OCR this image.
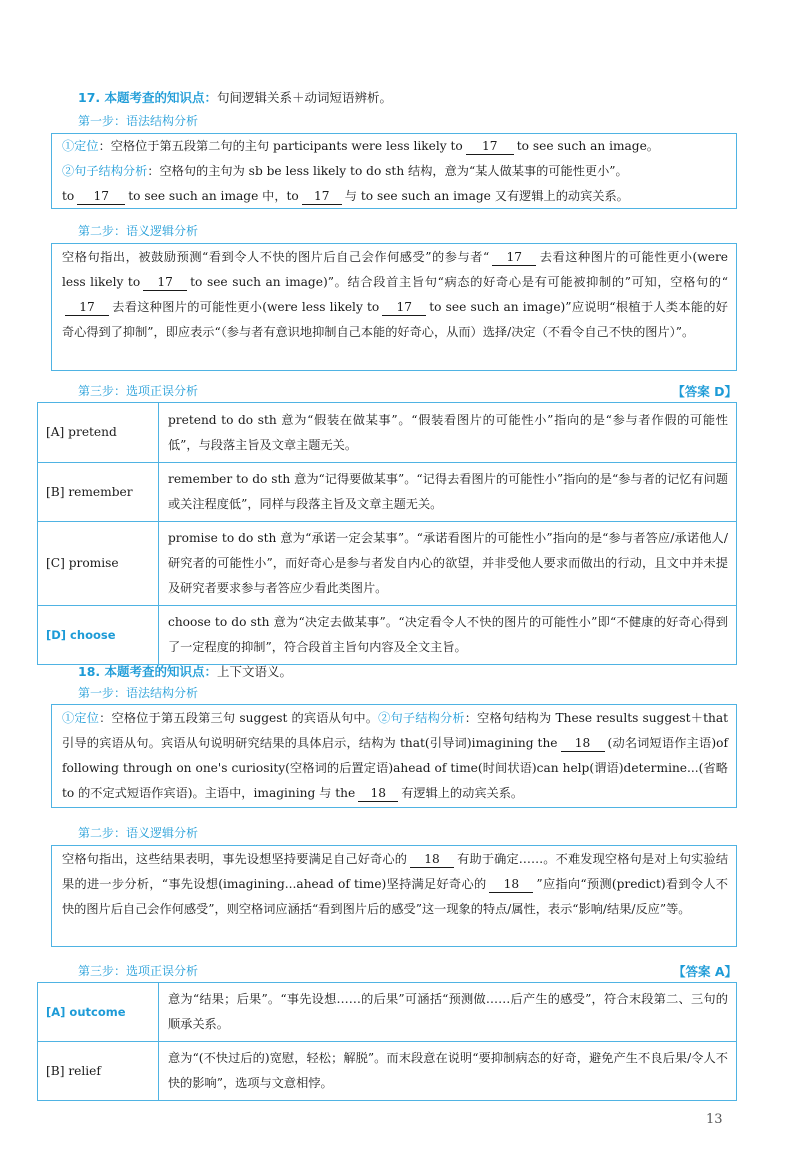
17. 本题考查的知识点：句间逻辑关系＋动词短语辨析。
第一步：语法结构分析
①定位：空格位于第五段第二句的主句 participants were less likely to 17 to see such an image。
②句子结构分析：空格句的主句为 sb be less likely to do sth 结构，意为“某人做某事的可能性更小”。
to 17 to see such an image 中，to 17 与 to see such an image 又有逻辑上的动宾关系。
第二步：语义逻辑分析
空格句指出，被鼓励预测“看到令人不快的图片后自己会作何感受”的参与者“ 17 去看这种图片的可能性更小(were less likely to 17 to see such an image)”。结合段首主旨句“病态的好奇心是有可能被抑制的”可知，空格句的“17 去看这种图片的可能性更小(were less likely to 17 to see such an image)”应说明“根植于人类本能的好奇心得到了抑制”，即应表示“（参与者有意识地抑制自己本能的好奇心，从而）选择/决定（不看令自己不快的图片）”。
第三步：选项正误分析	【答案 D】
[A] pretend	pretend to do sth 意为“假装在做某事”。“假装看图片的可能性小”指向的是“参与者作假的可能性低”，与段落主旨及文章主题无关。
[B] remember	remember to do sth 意为“记得要做某事”。“记得去看图片的可能性小”指向的是“参与者的记忆有问题或关注程度低”，同样与段落主旨及文章主题无关。
[C] promise	promise to do sth 意为“承诺一定会某事”。“承诺看图片的可能性小”指向的是“参与者答应/承诺他人/研究者的可能性小”，而好奇心是参与者发自内心的欲望，并非受他人要求而做出的行动，且文中并未提及研究者要求参与者答应少看此类图片。
[D] choose	choose to do sth 意为“决定去做某事”。“决定看令人不快的图片的可能性小”即“不健康的好奇心得到了一定程度的抑制”，符合段首主旨句内容及全文主旨。
18. 本题考查的知识点：上下文语义。
第一步：语法结构分析
①定位：空格位于第五段第三句 suggest 的宾语从句中。②句子结构分析：空格句结构为 These results suggest＋that 引导的宾语从句。宾语从句说明研究结果的具体启示，结构为 that(引导词)imagining the 18 (动名词短语作主语)of following through on one's curiosity(空格词的后置定语)ahead of time(时间状语)can help(谓语)determine...(省略 to 的不定式短语作宾语)。主语中，imagining 与 the 18 有逻辑上的动宾关系。
第二步：语义逻辑分析
空格句指出，这些结果表明，事先设想坚持要满足自己好奇心的 18 有助于确定……。不难发现空格句是对上句实验结果的进一步分析，“事先设想(imagining...ahead of time)坚持满足好奇心的 18 ”应指向“预测(predict)看到令人不快的图片后自己会作何感受”，则空格词应涵括“看到图片后的感受”这一现象的特点/属性，表示“影响/结果/反应”等。
第三步：选项正误分析	【答案 A】
[A] outcome	意为“结果；后果”。“事先设想……的后果”可涵括“预测做……后产生的感受”，符合末段第二、三句的顺承关系。
[B] relief	意为“(不快过后的)宽慰，轻松；解脱”。而末段意在说明“要抑制病态的好奇，避免产生不良后果/令人不快的影响”，选项与文意相悖。
13
